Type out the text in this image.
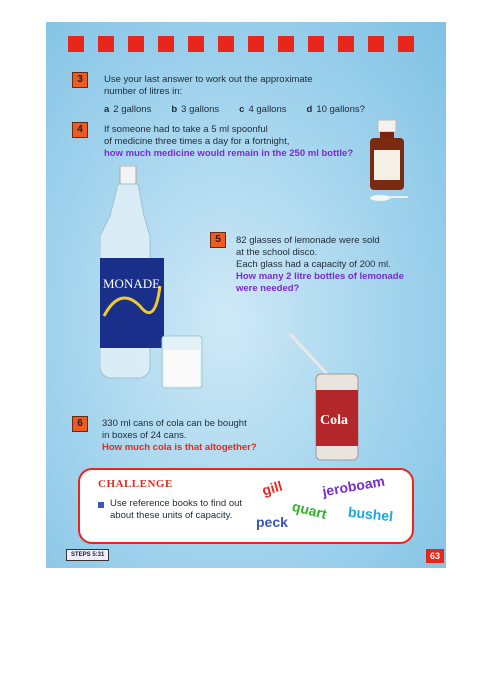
3	Use your last answer to work out the approximate
number of litres in:
a 2 gallons b 3 gallons c 4 gallons d 10 gallons?
4	If someone had to take a 5 ml spoonful
of medicine three times a day for a fortnight,
how much medicine would remain in the 250 ml bottle?
MONADE
5	82 glasses of lemonade were sold
at the school disco.
Each glass had a capacity of 200 ml.
How many 2 litre bottles of lemonade
were needed?
Cola
6	330 ml cans of cola can be bought
in boxes of 24 cans.
How much cola is that altogether?
CHALLENGE
Use reference books to find out about these units of capacity.
gill	jeroboam
quart bushel
peck
STEPS 5:31	63
